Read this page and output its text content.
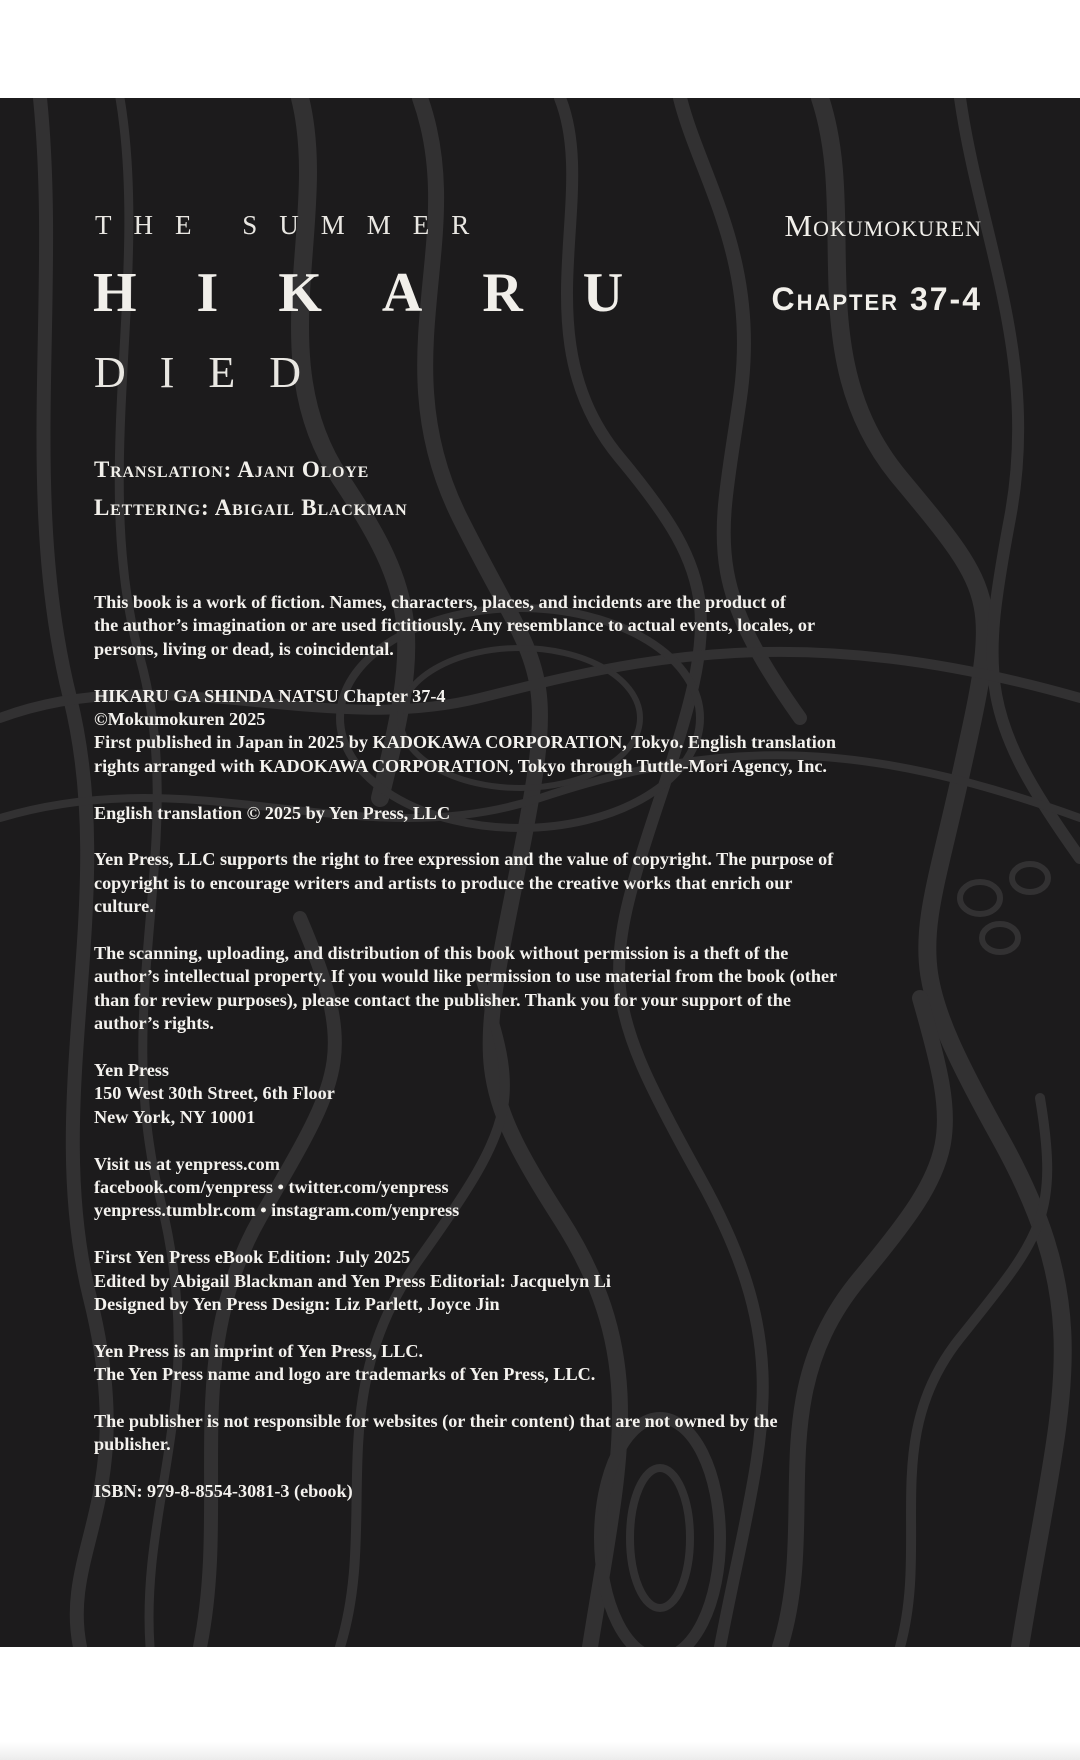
THE SUMMER
HIKARU
DIED
Mokumokuren
Chapter 37-4
Translation: Ajani Oloye
Lettering: Abigail Blackman

This book is a work of fiction. Names, characters, places, and incidents are the product of
the author’s imagination or are used fictitiously. Any resemblance to actual events, locales, or
persons, living or dead, is coincidental.

HIKARU GA SHINDA NATSU Chapter 37-4
©Mokumokuren 2025
First published in Japan in 2025 by KADOKAWA CORPORATION, Tokyo. English translation
rights arranged with KADOKAWA CORPORATION, Tokyo through Tuttle-Mori Agency, Inc.

English translation © 2025 by Yen Press, LLC

Yen Press, LLC supports the right to free expression and the value of copyright. The purpose of
copyright is to encourage writers and artists to produce the creative works that enrich our
culture.

The scanning, uploading, and distribution of this book without permission is a theft of the
author’s intellectual property. If you would like permission to use material from the book (other
than for review purposes), please contact the publisher. Thank you for your support of the
author’s rights.

Yen Press
150 West 30th Street, 6th Floor
New York, NY 10001

Visit us at yenpress.com
facebook.com/yenpress • twitter.com/yenpress
yenpress.tumblr.com • instagram.com/yenpress

First Yen Press eBook Edition: July 2025
Edited by Abigail Blackman and Yen Press Editorial: Jacquelyn Li
Designed by Yen Press Design: Liz Parlett, Joyce Jin

Yen Press is an imprint of Yen Press, LLC.
The Yen Press name and logo are trademarks of Yen Press, LLC.

The publisher is not responsible for websites (or their content) that are not owned by the
publisher.

ISBN: 979-8-8554-3081-3 (ebook)
